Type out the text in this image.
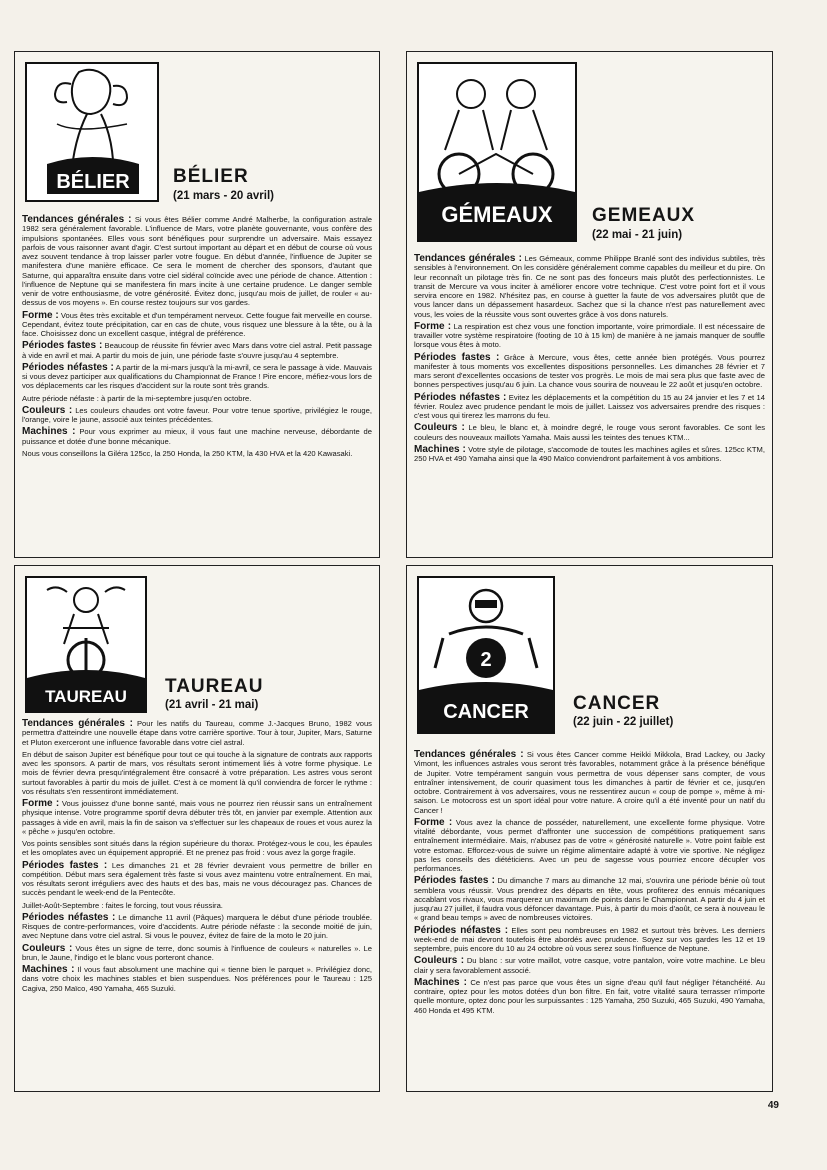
BÉLIER BÉLIER
(21 mars - 20 avril)

Tendances générales : Si vous êtes Bélier comme André Malherbe, la configuration astrale 1982 sera généralement favorable. L'influence de Mars, votre planète gouvernante, vous confère des impulsions spontanées. Elles vous sont bénéfiques pour surprendre un adversaire. Mais essayez parfois de vous raisonner avant d'agir. C'est surtout important au départ et en début de course où vous avez souvent tendance à trop laisser parler votre fougue. En début d'année, l'influence de Jupiter se manifestera d'une manière efficace. Ce sera le moment de chercher des sponsors, d'autant que Saturne, qui apparaîtra ensuite dans votre ciel sidéral coïncide avec une période de chance. Attention : l'influence de Neptune qui se manifestera fin mars incite à une certaine prudence. Le danger semble venir de votre enthousiasme, de votre générosité. Évitez donc, jusqu'au mois de juillet, de rouler « au-dessus de vos moyens ». En course restez toujours sur vos gardes.

Forme : Vous êtes très excitable et d'un tempérament nerveux. Cette fougue fait merveille en course. Cependant, évitez toute précipitation, car en cas de chute, vous risquez une blessure à la tête, ou à la face. Choisissez donc un excellent casque, intégral de préférence.

Périodes fastes : Beaucoup de réussite fin février avec Mars dans votre ciel astral. Petit passage à vide en avril et mai. A partir du mois de juin, une période faste s'ouvre jusqu'au 4 septembre.

Périodes néfastes : A partir de la mi-mars jusqu'à la mi-avril, ce sera le passage à vide. Mauvais si vous devez participer aux qualifications du Championnat de France ! Pire encore, méfiez-vous lors de vos déplacements car les risques d'accident sur la route sont très grands.

Autre période néfaste : à partir de la mi-septembre jusqu'en octobre.

Couleurs : Les couleurs chaudes ont votre faveur. Pour votre tenue sportive, privilégiez le rouge, l'orange, voire le jaune, associé aux teintes précédentes.

Machines : Pour vous exprimer au mieux, il vous faut une machine nerveuse, débordante de puissance et dotée d'une bonne mécanique.

Nous vous conseillons la Giléra 125cc, la 250 Honda, la 250 KTM, la 430 HVA et la 420 Kawasaki.

GÉMEAUX GEMEAUX
(22 mai - 21 juin)

Tendances générales : Les Gémeaux, comme Philippe Branlé sont des individus subtiles, très sensibles à l'environnement. On les considère généralement comme capables du meilleur et du pire. On leur reconnaît un pilotage très fin. Ce ne sont pas des fonceurs mais plutôt des perfectionnistes. Le transit de Mercure va vous inciter à améliorer encore votre technique. C'est votre point fort et il vous servira encore en 1982. N'hésitez pas, en course à guetter la faute de vos adversaires plutôt que de vous lancer dans un dépassement hasardeux. Sachez que si la chance n'est pas naturellement avec vous, les voies de la réussite vous sont ouvertes grâce à vos dons naturels.

Forme : La respiration est chez vous une fonction importante, voire primordiale. Il est nécessaire de travailler votre système respiratoire (footing de 10 à 15 km) de manière à ne jamais manquer de souffle lorsque vous êtes à moto.

Périodes fastes : Grâce à Mercure, vous êtes, cette année bien protégés. Vous pourrez manifester à tous moments vos excellentes dispositions personnelles. Les dimanches 28 février et 7 mars seront d'excellentes occasions de tester vos progrès. Le mois de mai sera plus que faste avec de bonnes perspectives jusqu'au 6 juin. La chance vous sourira de nouveau le 22 août et jusqu'en octobre.

Périodes néfastes : Evitez les déplacements et la compétition du 15 au 24 janvier et les 7 et 14 février. Roulez avec prudence pendant le mois de juillet. Laissez vos adversaires prendre des risques : c'est vous qui tirerez les marrons du feu.

Couleurs : Le bleu, le blanc et, à moindre degré, le rouge vous seront favorables. Ce sont les couleurs des nouveaux maillots Yamaha. Mais aussi les teintes des tenues KTM...

Machines : Votre style de pilotage, s'accomode de toutes les machines agiles et sûres. 125cc KTM, 250 HVA et 490 Yamaha ainsi que la 490 Maïco conviendront parfaitement à vos ambitions.

TAUREAU TAUREAU
(21 avril - 21 mai)

Tendances générales : Pour les natifs du Taureau, comme J.-Jacques Bruno, 1982 vous permettra d'atteindre une nouvelle étape dans votre carrière sportive. Tour à tour, Jupiter, Mars, Saturne et Pluton exerceront une influence favorable dans votre ciel astral.

En début de saison Jupiter est bénéfique pour tout ce qui touche à la signature de contrats aux rapports avec les sponsors. A partir de mars, vos résultats seront intimement liés à votre forme physique. Le mois de février devra presqu'intégralement être consacré à votre préparation. Les astres vous seront surtout favorables à partir du mois de juillet. C'est à ce moment là qu'il conviendra de forcer le rythme : vos résultats s'en ressentiront immédiatement.

Forme : Vous jouissez d'une bonne santé, mais vous ne pourrez rien réussir sans un entraînement physique intense. Votre programme sportif devra débuter très tôt, en janvier par exemple. Attention aux passages à vide en avril, mais la fin de saison va s'effectuer sur les chapeaux de roues et vous aurez la « pêche » jusqu'en octobre.

Vos points sensibles sont situés dans la région supérieure du thorax. Protégez-vous le cou, les épaules et les omoplates avec un équipement approprié. Et ne prenez pas froid : vous avez la gorge fragile.

Périodes fastes : Les dimanches 21 et 28 février devraient vous permettre de briller en compétition. Début mars sera également très faste si vous avez maintenu votre entraînement. En mai, vos résultats seront irréguliers avec des hauts et des bas, mais ne vous découragez pas. Chances de succès pendant le week-end de la Pentecôte.

Juillet-Août-Septembre : faites le forcing, tout vous réussira.

Périodes néfastes : Le dimanche 11 avril (Pâques) marquera le début d'une période troublée. Risques de contre-performances, voire d'accidents. Autre période néfaste : la seconde moitié de juin, avec Neptune dans votre ciel astral. Si vous le pouvez, évitez de faire de la moto le 20 juin.

Couleurs : Vous êtes un signe de terre, donc soumis à l'influence de couleurs « naturelles ». Le brun, le Jaune, l'indigo et le blanc vous porteront chance.

Machines : Il vous faut absolument une machine qui « tienne bien le parquet ». Privilégiez donc, dans votre choix les machines stables et bien suspendues. Nos préférences pour le Taureau : 125 Cagiva, 250 Maïco, 490 Yamaha, 465 Suzuki.

2
CANCER CANCER
(22 juin - 22 juillet)

Tendances générales : Si vous êtes Cancer comme Heikki Mikkola, Brad Lackey, ou Jacky Vimont, les influences astrales vous seront très favorables, notamment grâce à la présence bénéfique de Jupiter. Votre tempérament sanguin vous permettra de vous dépenser sans compter, de vous entraîner intensivement, de courir quasiment tous les dimanches à partir de février et ce, jusqu'en octobre. Contrairement à vos adversaires, vous ne ressentirez aucun « coup de pompe », même à mi-saison. Le motocross est un sport idéal pour votre nature. A croire qu'il a été inventé pour un natif du Cancer !

Forme : Vous avez la chance de posséder, naturellement, une excellente forme physique. Votre vitalité débordante, vous permet d'affronter une succession de compétitions pratiquement sans entraînement intermédiaire. Mais, n'abusez pas de votre « générosité naturelle ». Votre point faible est votre estomac. Efforcez-vous de suivre un régime alimentaire adapté à votre vie sportive. Ne négligez pas les conseils des diététiciens. Avec un peu de sagesse vous pourriez encore décupler vos performances.

Périodes fastes : Du dimanche 7 mars au dimanche 12 mai, s'ouvrira une période bénie où tout semblera vous réussir. Vous prendrez des départs en tête, vous profiterez des ennuis mécaniques accablant vos rivaux, vous marquerez un maximum de points dans le Championnat. A partir du 4 juin et jusqu'au 27 juillet, il faudra vous défoncer davantage. Puis, à partir du mois d'août, ce sera à nouveau le « grand beau temps » avec de nombreuses victoires.

Périodes néfastes : Elles sont peu nombreuses en 1982 et surtout très brèves. Les derniers week-end de mai devront toutefois être abordés avec prudence. Soyez sur vos gardes les 12 et 19 septembre, puis encore du 10 au 24 octobre où vous serez sous l'influence de Neptune.

Couleurs : Du blanc : sur votre maillot, votre casque, votre pantalon, voire votre machine. Le bleu clair y sera favorablement associé.

Machines : Ce n'est pas parce que vous êtes un signe d'eau qu'il faut négliger l'étanchéité. Au contraire, optez pour les motos dotées d'un bon filtre. En fait, votre vitalité saura terrasser n'importe quelle monture, optez donc pour les surpuissantes : 125 Yamaha, 250 Suzuki, 465 Suzuki, 490 Yamaha, 460 Honda et 495 KTM.

49
